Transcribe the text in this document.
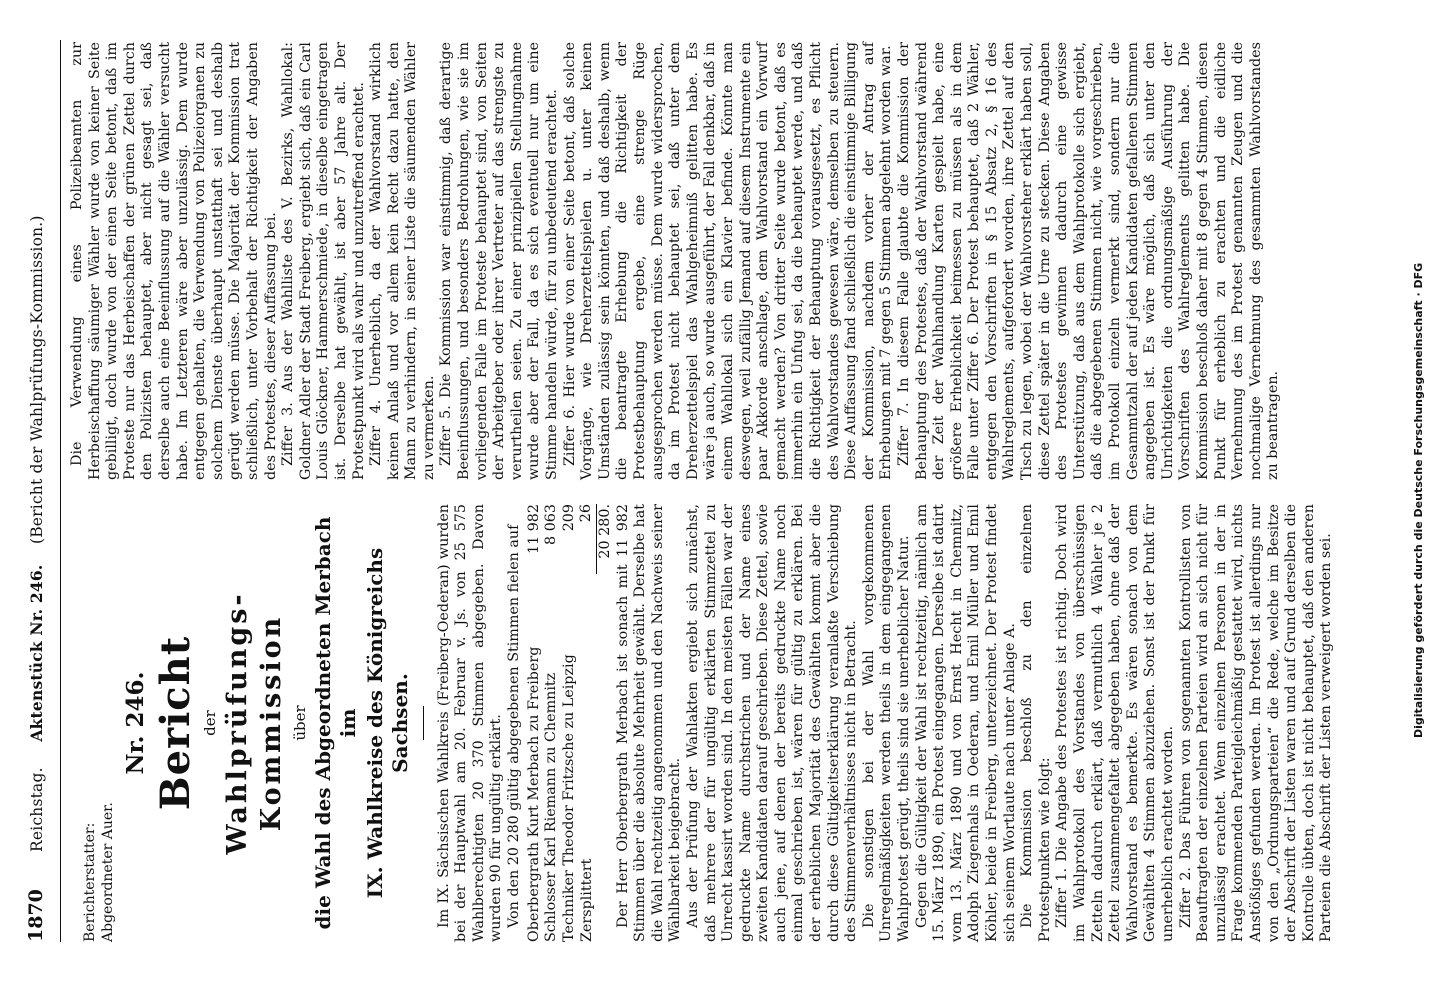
1870
Reichstag.     Aktenstück Nr. 246.    (Bericht der Wahlprüfungs-Kommission.)
Berichterstatter: Abgeordneter Auer.
Nr. 246. Bericht der Wahlprüfungs-Kommission über die Wahl des Abgeordneten Merbach im IX. Wahlkreise des Königreichs Sachsen. Im IX. Sächsischen Wahlkreis (Freiberg-Oederan) wurden bei der Hauptwahl am 20. Februar v. Js. von 25 575 Wahlberechtigten 20 370 Stimmen abgegeben. Davon wurden 90 für ungültig erklärt. Von den 20 280 gültig abgegebenen Stimmen fielen auf Oberbergrath Kurt Merbach zu Freiberg	11 982
Schlosser Karl Riemann zu Chemnitz	8 063
Techniker Theodor Fritzsche zu Leipzig	209
Zersplittert	26
	20 280. Der Herr Oberbergrath Merbach ist sonach mit 11 982 Stimmen über die absolute Mehrheit gewählt. Derselbe hat die Wahl rechtzeitig angenommen und den Nachweis seiner Wählbarkeit beigebracht. Aus der Prüfung der Wahlakten ergiebt sich zunächst, daß mehrere der für ungültig erklärten Stimmzettel zu Unrecht kassirt worden sind. In den meisten Fällen war der gedruckte Name durchstrichen und der Name eines zweiten Kandidaten darauf geschrieben. Diese Zettel, sowie auch jene, auf denen der bereits gedruckte Name noch einmal geschrieben ist, wären für gültig zu erklären. Bei der erheblichen Majorität des Gewählten kommt aber die durch diese Gültigkeitserklärung veranlaßte Verschiebung des Stimmenverhältnisses nicht in Betracht. Die sonstigen bei der Wahl vorgekommenen Unregelmäßigkeiten werden theils in dem eingegangenen Wahlprotest gerügt, theils sind sie unerheblicher Natur. Gegen die Gültigkeit der Wahl ist rechtzeitig, nämlich am 15. März 1890, ein Protest eingegangen. Derselbe ist datirt vom 13. März 1890 und von Ernst Hecht in Chemnitz, Adolph Ziegenhals in Oederan, und Emil Müller und Emil Köhler, beide in Freiberg, unterzeichnet. Der Protest findet sich seinem Wortlaute nach unter Anlage A. Die Kommission beschloß zu den einzelnen Protestpunkten wie folgt: Ziffer 1. Die Angabe des Protestes ist richtig. Doch wird im Wahlprotokoll des Vorstandes von überschüssigen Zetteln dadurch erklärt, daß vermuthlich 4 Wähler je 2 Zettel zusammengefaltet abgegeben haben, ohne daß der Wahlvorstand es bemerkte. Es wären sonach von dem Gewählten 4 Stimmen abzuziehen. Sonst ist der Punkt für unerheblich erachtet worden. Ziffer 2. Das Führen von sogenannten Kontrollisten von Beauftragten der einzelnen Parteien wird an sich nicht für unzulässig erachtet. Wenn einzelnen Personen in der in Frage kommenden Parteigleichmäßig gestattet wird, nichts Anstößiges gefunden werden. Im Protest ist allerdings nur von den „Ordnungsparteien“ die Rede, welche im Besitze der Abschrift der Listen waren und auf Grund derselben die Kontrolle übten, doch ist nicht behauptet, daß den anderen Parteien die Abschrift der Listen verweigert worden sei.

Die Verwendung eines Polizeibeamten zur Herbeischaffung säumiger Wähler wurde von keiner Seite gebilligt, doch wurde von der einen Seite betont, daß im Proteste nur das Herbeischaffen der grünen Zettel durch den Polizisten behauptet, aber nicht gesagt sei, daß derselbe auch eine Beeinflussung auf die Wähler versucht habe. Im Letzteren wäre aber unzulässig. Dem wurde entgegen gehalten, die Verwendung von Polizeiorganen zu solchem Dienste überhaupt unstatthaft sei und deshalb gerügt werden müsse. Die Majorität der Kommission trat schließlich, unter Vorbehalt der Richtigkeit der Angaben des Protestes, dieser Auffassung bei. Ziffer 3. Aus der Wahlliste des V. Bezirks, Wahllokal: Goldner Adler der Stadt Freiberg, ergiebt sich, daß ein Carl Louis Glöckner, Hammerschmiede, in dieselbe eingetragen ist. Derselbe hat gewählt, ist aber 57 Jahre alt. Der Protestpunkt wird als wahr und unzutreffend erachtet. Ziffer 4. Unerheblich, da der Wahlvorstand wirklich keinen Anlaß und vor allem kein Recht dazu hatte, den Mann zu verhindern, in seiner Liste die säumenden Wähler zu vermerken. Ziffer 5. Die Kommission war einstimmig, daß derartige Beeinflussungen, und besonders Bedrohungen, wie sie im vorliegenden Falle im Proteste behauptet sind, von Seiten der Arbeitgeber oder ihrer Vertreter auf das strengste zu verurtheilen seien. Zu einer prinzipiellen Stellungnahme wurde aber der Fall, da es sich eventuell nur um eine Stimme handeln würde, für zu unbedeutend erachtet. Ziffer 6. Hier wurde von einer Seite betont, daß solche Vorgänge, wie Dreherzettelspielen u. unter keinen Umständen zulässig sein könnten, und daß deshalb, wenn die beantragte Erhebung die Richtigkeit der Protestbehauptung ergebe, eine strenge Rüge ausgesprochen werden müsse. Dem wurde widersprochen, da im Protest nicht behauptet sei, daß unter dem Dreherzettelspiel das Wahlgeheimniß gelitten habe. Es wäre ja auch, so wurde ausgeführt, der Fall denkbar, daß in einem Wahllokal sich ein Klavier befinde. Könnte man deswegen, weil zufällig Jemand auf diesem Instrumente ein paar Akkorde anschlage, dem Wahlvorstand ein Vorwurf gemacht werden? Von dritter Seite wurde betont, daß es immerhin ein Unfug sei, da die behauptet werde, und daß die Richtigkeit der Behauptung vorausgesetzt, es Pflicht des Wahlvorstandes gewesen wäre, demselben zu steuern. Diese Auffassung fand schließlich die einstimmige Billigung der Kommission, nachdem vorher der Antrag auf Erhebungen mit 7 gegen 5 Stimmen abgelehnt worden war. Ziffer 7. In diesem Falle glaubte die Kommission der Behauptung des Protestes, daß der Wahlvorstand während der Zeit der Wahlhandlung Karten gespielt habe, eine größere Erheblichkeit beimessen zu müssen als in dem Falle unter Ziffer 6. Der Protest behauptet, daß 2 Wähler, entgegen den Vorschriften in § 15 Absatz 2, § 16 des Wahlreglements, aufgefordert worden, ihre Zettel auf den Tisch zu legen, wobei der Wahlvorsteher erklärt haben soll, diese Zettel später in die Urne zu stecken. Diese Angaben des Protestes gewinnen dadurch eine gewisse Unterstützung, daß aus dem Wahlprotokolle sich ergiebt, daß die abgegebenen Stimmen nicht, wie vorgeschrieben, im Protokoll einzeln vermerkt sind, sondern nur die Gesammtzahl der auf jeden Kandidaten gefallenen Stimmen angegeben ist. Es wäre möglich, daß sich unter den Unrichtigkeiten die ordnungsmäßige Ausführung der Vorschriften des Wahlreglements gelitten habe. Die Kommission beschloß daher mit 8 gegen 4 Stimmen, diesen Punkt für erheblich zu erachten und die eidliche Vernehmung des im Protest genannten Zeugen und die nochmalige Vernehmung des gesammten Wahlvorstandes zu beantragen.	Digitalisierung gefördert durch die Deutsche Forschungsgemeinschaft · DFG
